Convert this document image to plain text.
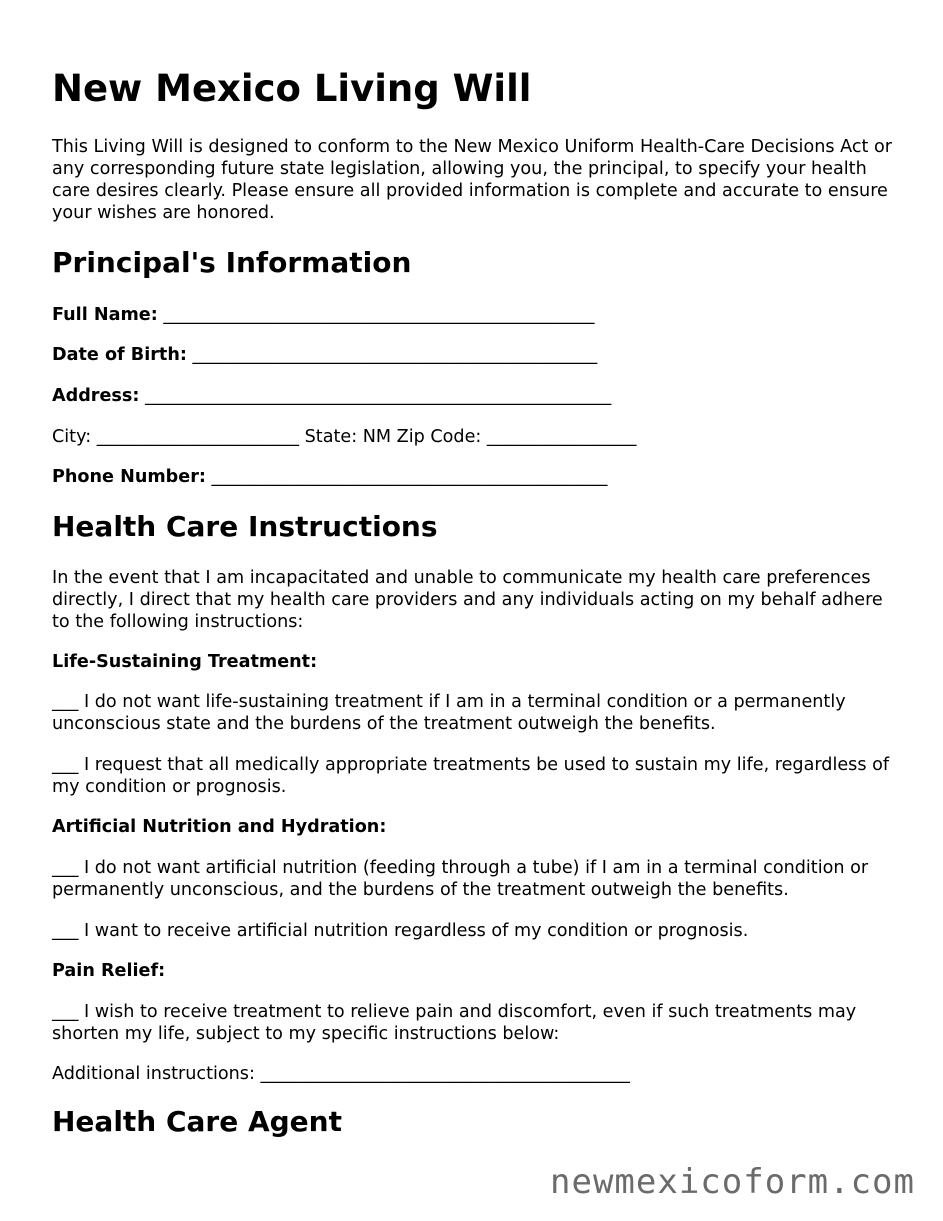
New Mexico Living Will

This Living Will is designed to conform to the New Mexico Uniform Health-Care Decisions Act or any corresponding future state legislation, allowing you, the principal, to specify your health care desires clearly. Please ensure all provided information is complete and accurate to ensure your wishes are honored.

Principal's Information
Full Name: _________________________________________________
Date of Birth: ______________________________________________
Address: _____________________________________________________
City: _______________________ State: NM Zip Code: _________________
Phone Number: _____________________________________________
Health Care Instructions

In the event that I am incapacitated and unable to communicate my health care preferences directly, I direct that my health care providers and any individuals acting on my behalf adhere to the following instructions:

Life-Sustaining Treatment:

___ I do not want life-sustaining treatment if I am in a terminal condition or a permanently unconscious state and the burdens of the treatment outweigh the benefits.

___ I request that all medically appropriate treatments be used to sustain my life, regardless of my condition or prognosis.

Artificial Nutrition and Hydration:

___ I do not want artificial nutrition (feeding through a tube) if I am in a terminal condition or permanently unconscious, and the burdens of the treatment outweigh the benefits.

___ I want to receive artificial nutrition regardless of my condition or prognosis.
Pain Relief:

___ I wish to receive treatment to relieve pain and discomfort, even if such treatments may shorten my life, subject to my specific instructions below:

Additional instructions: __________________________________________
Health Care Agent
newmexicoform.com
